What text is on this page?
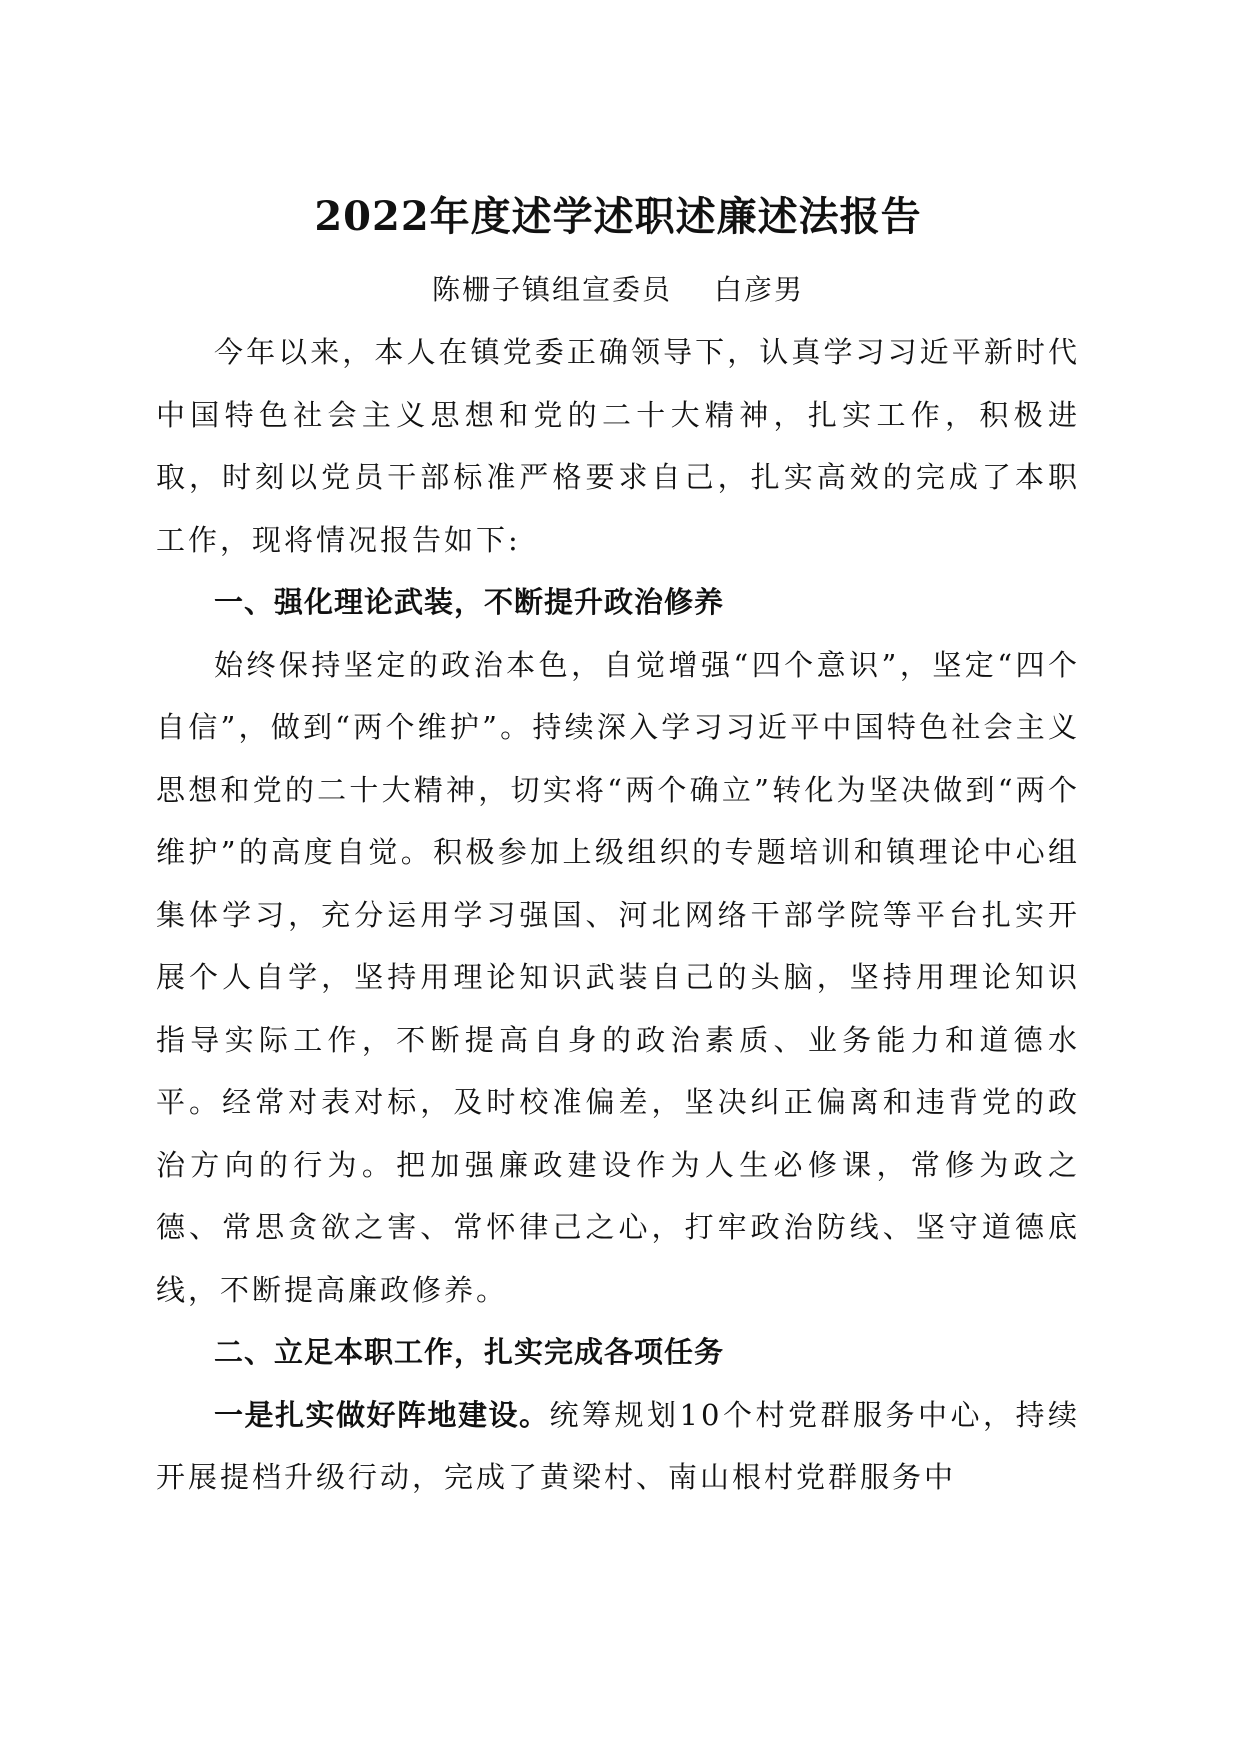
2022年度述学述职述廉述法报告
陈栅子镇组宣委员 白彦男

今年以来，本人在镇党委正确领导下，认真学习习近平新时代中国特色社会主义思想和党的二十大精神，扎实工作，积极进取，时刻以党员干部标准严格要求自己，扎实高效的完成了本职工作，现将情况报告如下:

一、强化理论武装，不断提升政治修养

始终保持坚定的政治本色，自觉增强“四个意识”，坚定“四个自信”，做到“两个维护”。持续深入学习习近平中国特色社会主义思想和党的二十大精神，切实将“两个确立”转化为坚决做到“两个维护”的高度自觉。积极参加上级组织的专题培训和镇理论中心组集体学习，充分运用学习强国、河北网络干部学院等平台扎实开展个人自学，坚持用理论知识武装自己的头脑，坚持用理论知识指导实际工作，不断提高自身的政治素质、业务能力和道德水平。经常对表对标，及时校准偏差，坚决纠正偏离和违背党的政治方向的行为。把加强廉政建设作为人生必修课，常修为政之德、常思贪欲之害、常怀律己之心，打牢政治防线、坚守道德底线，不断提高廉政修养。

二、立足本职工作，扎实完成各项任务

一是扎实做好阵地建设。统筹规划10个村党群服务中心，持续开展提档升级行动，完成了黄梁村、南山根村党群服务中
